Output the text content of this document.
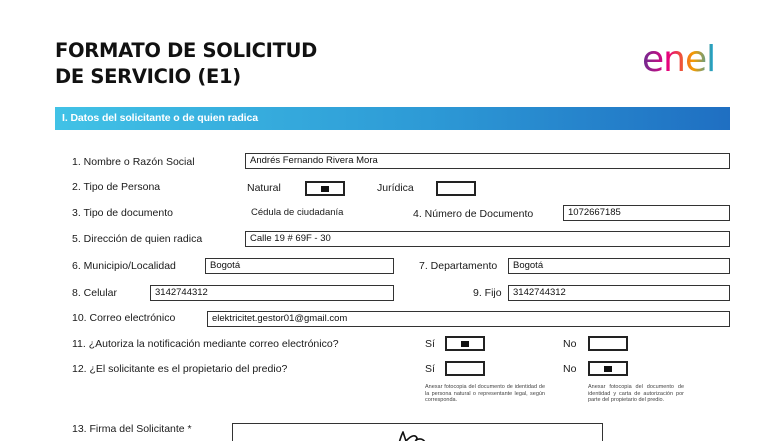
FORMATO DE SOLICITUD
DE SERVICIO (E1)	enel
I. Datos del solicitante o de quien radica
1. Nombre o Razón Social	Andrés Fernando Rivera Mora
2. Tipo de Persona	Natural	Jurídica
3. Tipo de documento	Cédula de ciudadanía	4. Número de Documento	1072667185
5. Dirección de quien radica	Calle 19 # 69F - 30
6. Municipio/Localidad	Bogotá	7. Departamento	Bogotá
8. Celular	3142744312	9. Fijo	3142744312
10. Correo electrónico	elektricitet.gestor01@gmail.com
11. ¿Autoriza la notificación mediante correo electrónico?	Sí	No
12. ¿El solicitante es el propietario del predio?	Sí	No
Anexar fotocopia del documento de identidad de la persona natural o representante legal, según corresponda.
Anexar fotocopia del documento de identidad y carta de autorización por parte del propietario del predio.
13. Firma del Solicitante *
